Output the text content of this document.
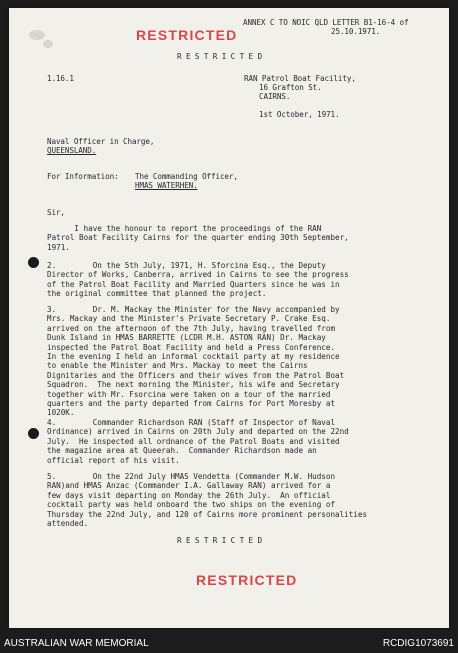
ANNEX C TO NOIC QLD LETTER B1-16-4 of
25.10.1971.
RESTRICTED
R E S T R I C T E D
1.16.1	RAN Patrol Boat Facility,
16 Grafton St.
CAIRNS.
1st October, 1971.
Naval Officer in Charge,
QUEENSLAND.
For Information: The Commanding Officer,
HMAS WATERHEN.
Sir,
I have the honour to report the proceedings of the RAN
Patrol Boat Facility Cairns for the quarter ending 30th September,
1971.
2.        On the 5th July, 1971, H. Sforcina Esq., the Deputy
Director of Works, Canberra, arrived in Cairns to see the progress
of the Patrol Boat Facility and Married Quarters since he was in
the original committee that planned the project.
3.        Dr. M. Mackay the Minister for the Navy accompanied by
Mrs. Mackay and the Minister's Private Secretary P. Crake Esq.
arrived on the afternoon of the 7th July, having travelled from
Dunk Island in HMAS BARRETTE (LCDR M.H. ASTON RAN) Dr. Mackay
inspected the Patrol Boat Facility and held a Press Conference.
In the evening I held an informal cocktail party at my residence
to enable the Minister and Mrs. Mackay to meet the Cairns
Dignitaries and the Officers and their wives from the Patrol Boat
Squadron.  The next morning the Minister, his wife and Secretary
together with Mr. Fsorcina were taken on a tour of the married
quarters and the party departed from Cairns for Port Moresby at
1020K.
4.        Commander Richardson RAN (Staff of Inspector of Naval
Ordinance) arrived in Cairns on 20th July and departed on the 22nd
July.  He inspected all ordnance of the Patrol Boats and visited
the magazine area at Queerah.  Commander Richardson made an
official report of his visit.
5.        On the 22nd July HMAS Vendetta (Commander M.W. Hudson
RAN)and HMAS Anzac (Commander I.A. Gallaway RAN) arrived for a
few days visit departing on Monday the 26th July.  An official
cocktail party was held onboard the two ships on the evening of
Thursday the 22nd July, and 120 of Cairns more prominent personalities
attended.
R E S T R I C T E D
RESTRICTED
AUSTRALIAN WAR MEMORIAL	RCDIG1073691
